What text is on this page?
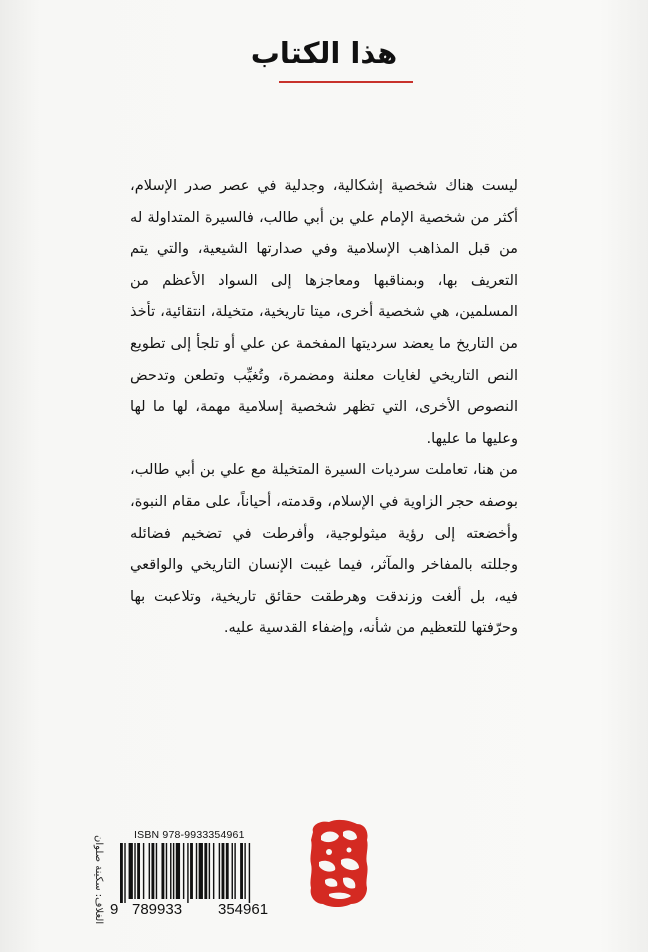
هذا الكتاب

ليست هناك شخصية إشكالية، وجدلية في عصر صدر الإسلام، أكثر من شخصية الإمام علي بن أبي طالب، فالسيرة المتداولة له من قبل المذاهب الإسلامية وفي صدارتها الشيعية، والتي يتم التعريف بها، وبمناقبها ومعاجزها إلى السواد الأعظم من المسلمين، هي شخصية أخرى، ميتا تاريخية، متخيلة، انتقائية، تأخذ من التاريخ ما يعضد سرديتها المفخمة عن علي أو تلجأ إلى تطويع النص التاريخي لغايات معلنة ومضمرة، وتُغيِّب وتطعن وتدحض النصوص الأخرى، التي تظهر شخصية إسلامية مهمة، لها ما لها وعليها ما عليها.

من هنا، تعاملت سرديات السيرة المتخيلة مع علي بن أبي طالب، بوصفه حجر الزاوية في الإسلام، وقدمته، أحياناً، على مقام النبوة، وأخضعته إلى رؤية ميثولوجية، وأفرطت في تضخيم فضائله وجللته بالمفاخر والمآثر، فيما غيبت الإنسان التاريخي والواقعي فيه، بل ألغت وزندقت وهرطقت حقائق تاريخية، وتلاعبت بها وحرّفتها للتعظيم من شأنه، وإضفاء القدسية عليه.

الغلاف: سكينة صلوان	ISBN 978-9933354961
9 789933 354961
